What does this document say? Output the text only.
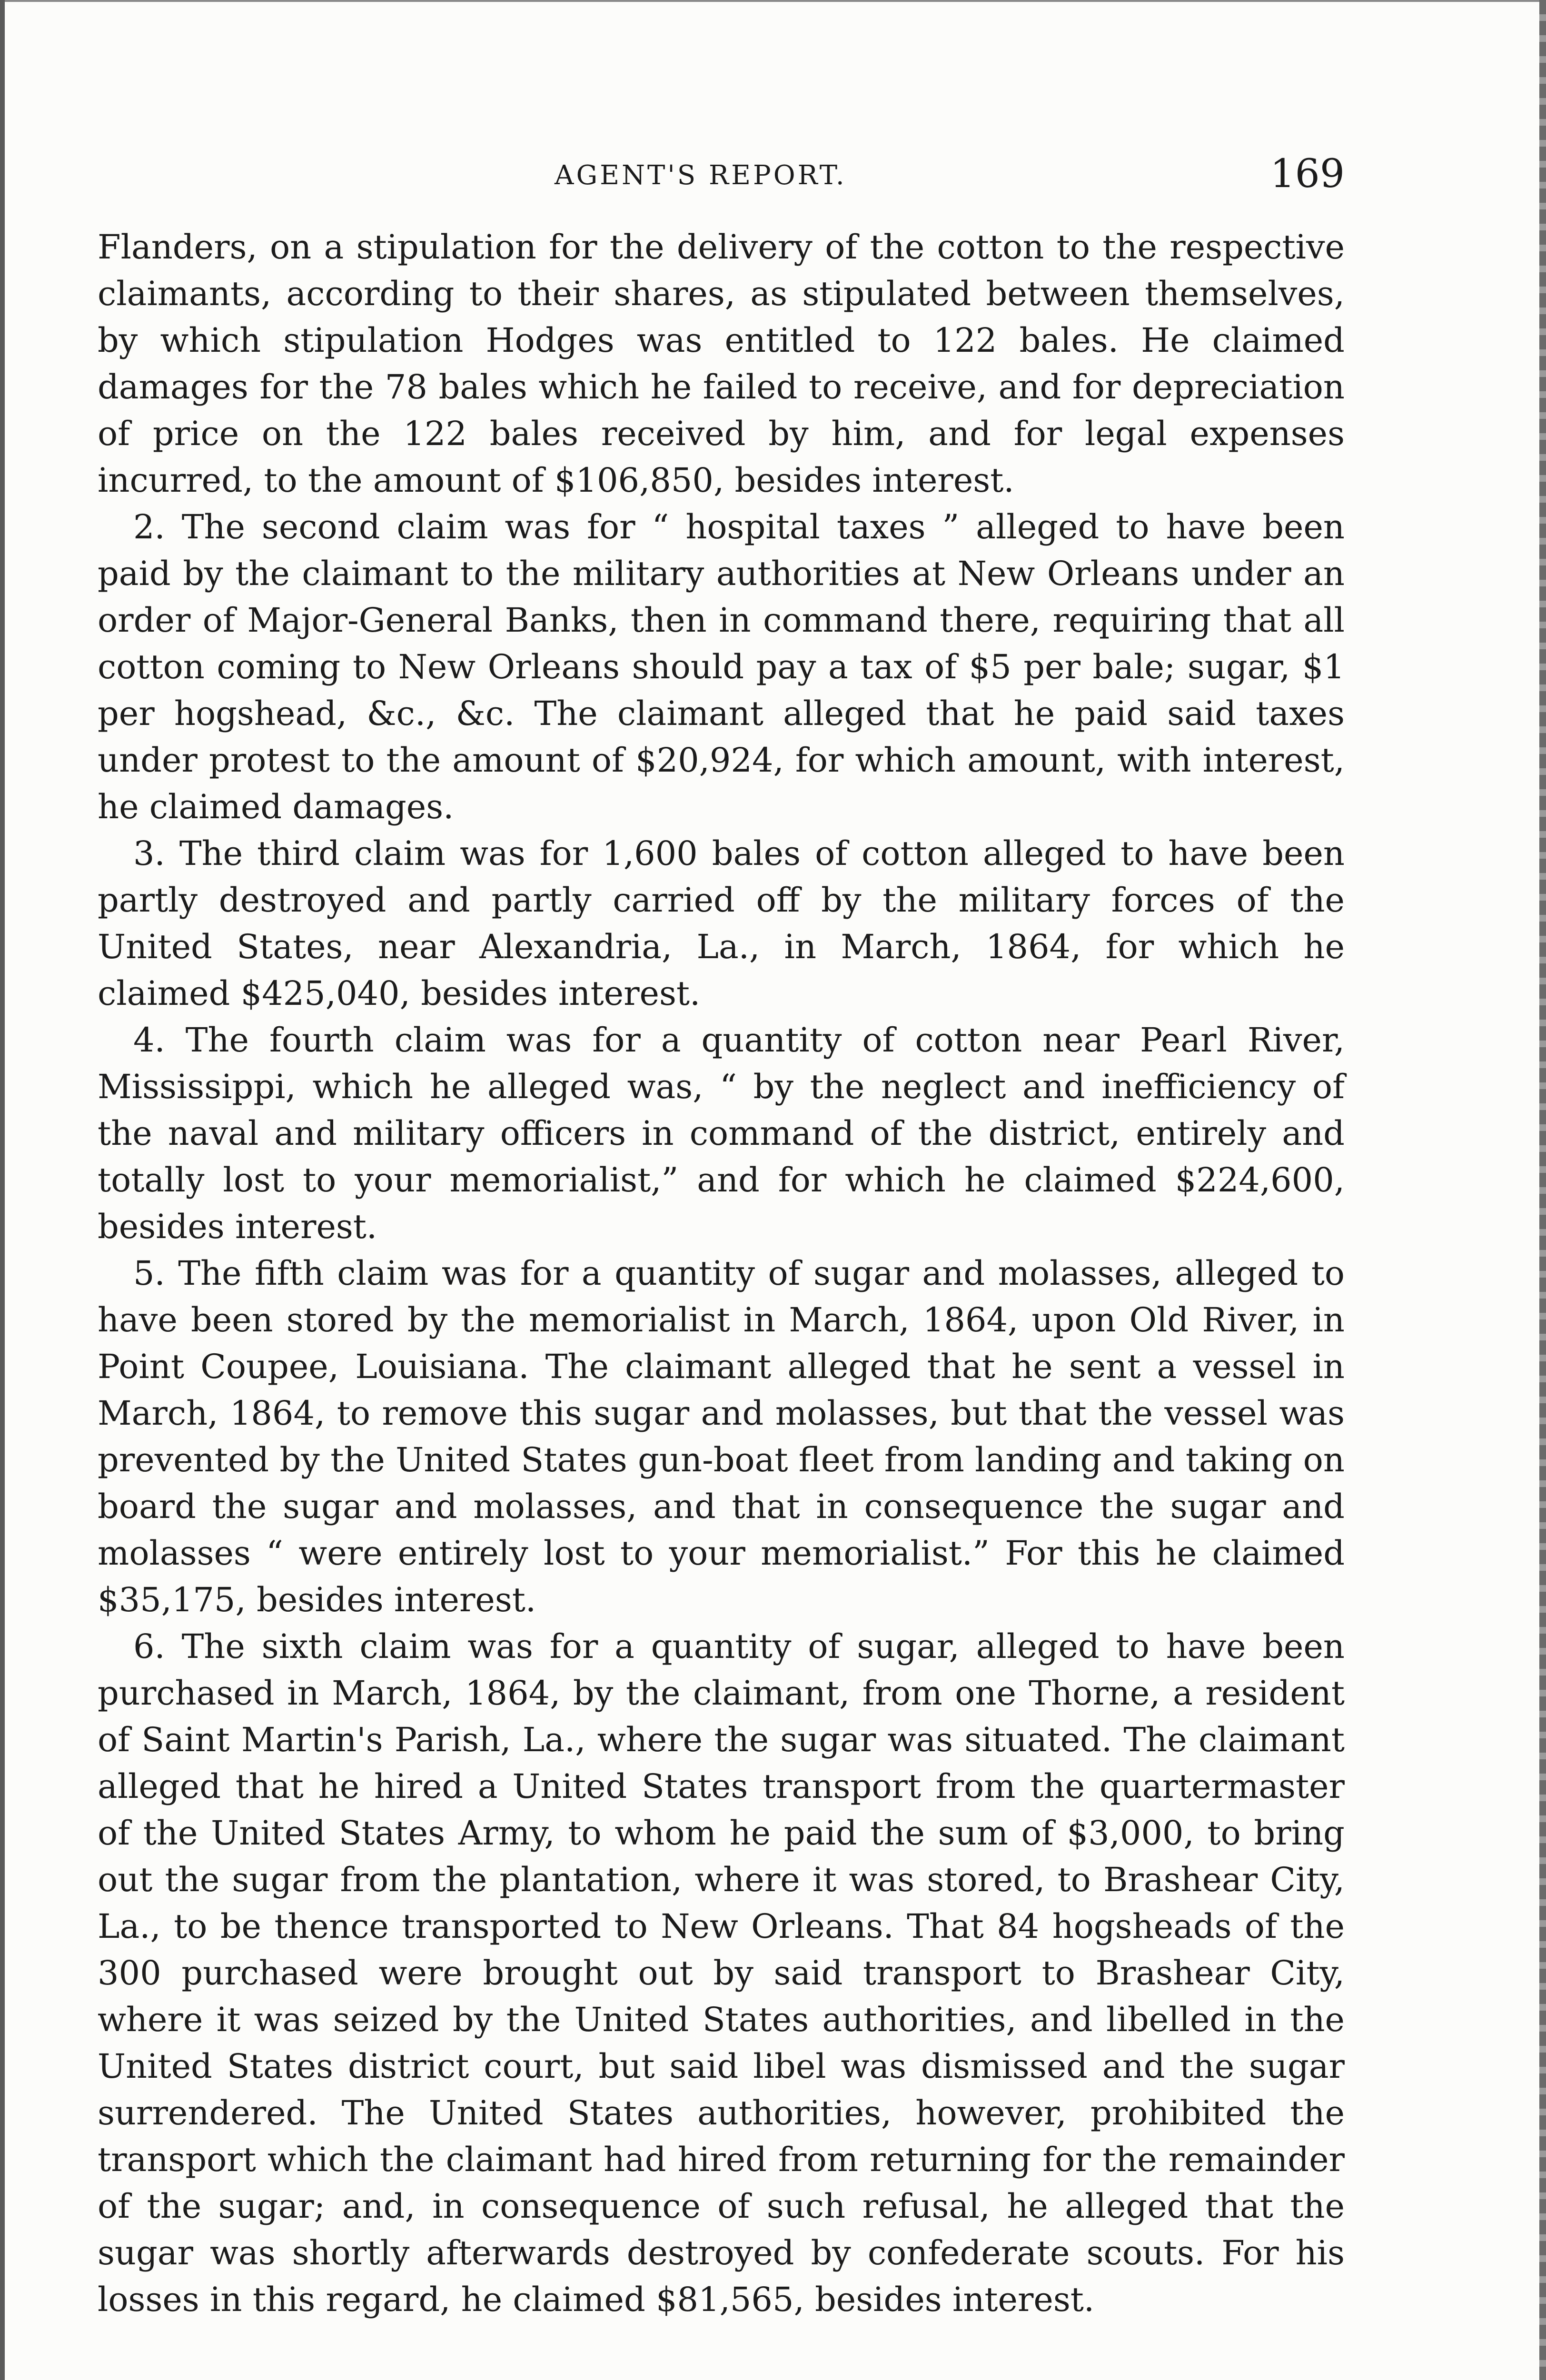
AGENT'S REPORT.	169

Flanders, on a stipulation for the delivery of the cotton to the respective claimants, according to their shares, as stipulated between themselves, by which stipulation Hodges was entitled to 122 bales. He claimed damages for the 78 bales which he failed to receive, and for depreciation of price on the 122 bales received by him, and for legal expenses incurred, to the amount of $106,850, besides interest.

2. The second claim was for “ hospital taxes ” alleged to have been paid by the claimant to the military authorities at New Orleans under an order of Major-General Banks, then in command there, requiring that all cotton coming to New Orleans should pay a tax of $5 per bale; sugar, $1 per hogshead, &c., &c. The claimant alleged that he paid said taxes under protest to the amount of $20,924, for which amount, with interest, he claimed damages.

3. The third claim was for 1,600 bales of cotton alleged to have been partly destroyed and partly carried off by the military forces of the United States, near Alexandria, La., in March, 1864, for which he claimed $425,040, besides interest.

4. The fourth claim was for a quantity of cotton near Pearl River, Mississippi, which he alleged was, “ by the neglect and inefficiency of the naval and military officers in command of the district, entirely and totally lost to your memorialist,” and for which he claimed $224,600, besides interest.

5. The fifth claim was for a quantity of sugar and molasses, alleged to have been stored by the memorialist in March, 1864, upon Old River, in Point Coupee, Louisiana. The claimant alleged that he sent a vessel in March, 1864, to remove this sugar and molasses, but that the vessel was prevented by the United States gun-boat fleet from landing and taking on board the sugar and molasses, and that in consequence the sugar and molasses “ were entirely lost to your memorialist.” For this he claimed $35,175, besides interest.

6. The sixth claim was for a quantity of sugar, alleged to have been purchased in March, 1864, by the claimant, from one Thorne, a resident of Saint Martin's Parish, La., where the sugar was situated. The claimant alleged that he hired a United States transport from the quartermaster of the United States Army, to whom he paid the sum of $3,000, to bring out the sugar from the plantation, where it was stored, to Brashear City, La., to be thence transported to New Orleans. That 84 hogsheads of the 300 purchased were brought out by said transport to Brashear City, where it was seized by the United States authorities, and libelled in the United States district court, but said libel was dismissed and the sugar surrendered. The United States authorities, however, prohibited the transport which the claimant had hired from returning for the remainder of the sugar; and, in consequence of such refusal, he alleged that the sugar was shortly afterwards destroyed by confederate scouts. For his losses in this regard, he claimed $81,565, besides interest.
